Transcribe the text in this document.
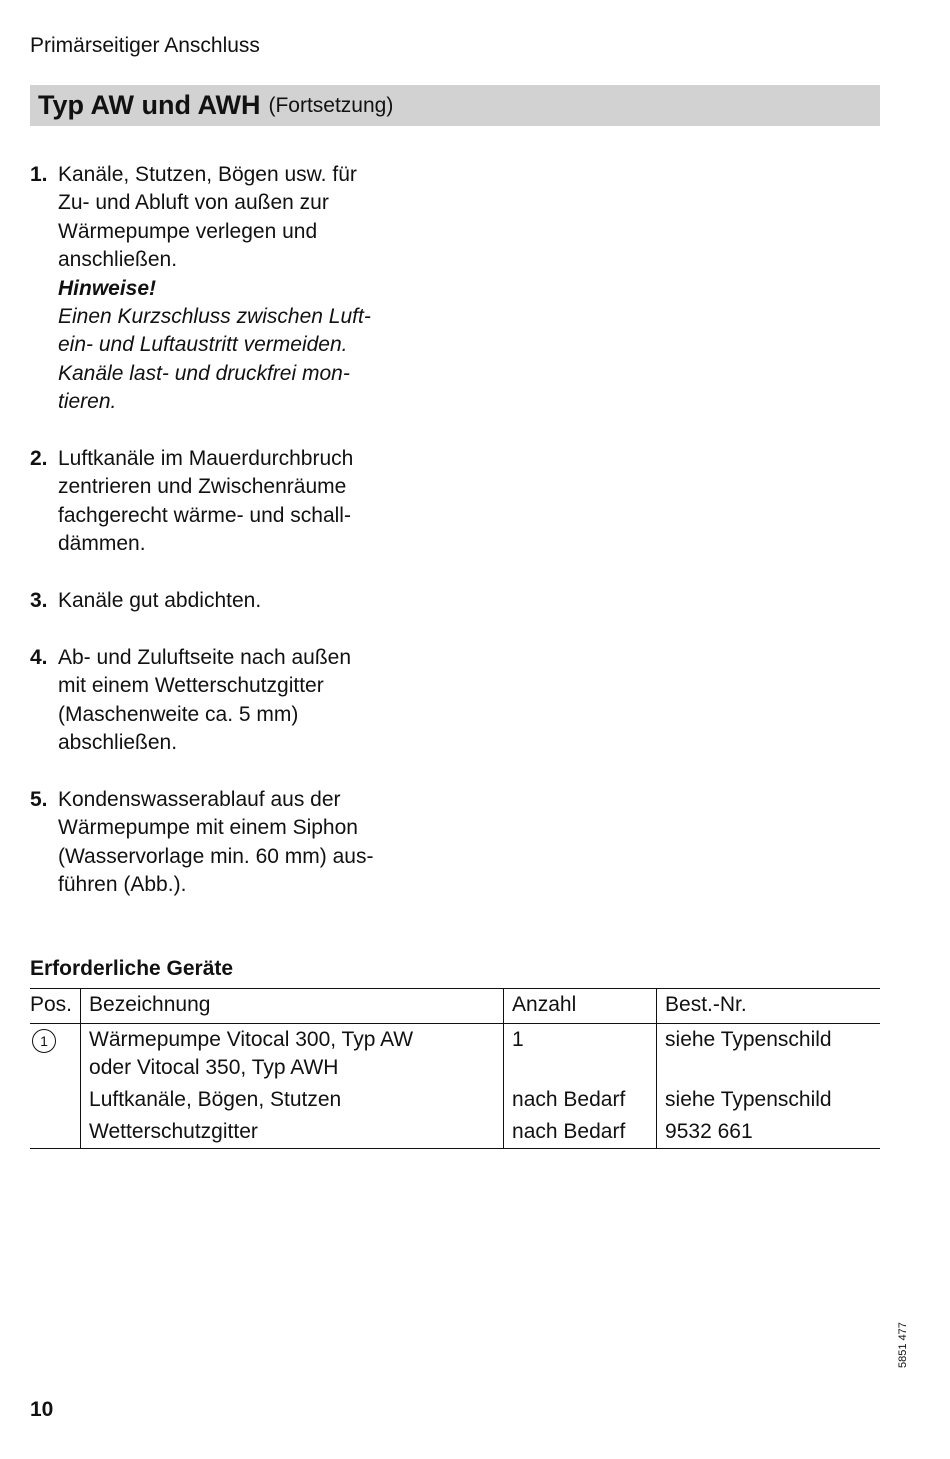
Primärseitiger Anschluss
Typ AW und AWH (Fortsetzung)
1. Kanäle, Stutzen, Bögen usw. für
Zu- und Abluft von außen zur
Wärmepumpe verlegen und
anschließen.
Hinweise!
Einen Kurzschluss zwischen Luft-
ein- und Luftaustritt vermeiden.
Kanäle last- und druckfrei mon-
tieren.
2. Luftkanäle im Mauerdurchbruch
zentrieren und Zwischenräume
fachgerecht wärme- und schall-
dämmen.
3. Kanäle gut abdichten.
4. Ab- und Zuluftseite nach außen
mit einem Wetterschutzgitter
(Maschenweite ca. 5 mm)
abschließen.
5. Kondenswasserablauf aus der
Wärmepumpe mit einem Siphon
(Wasservorlage min. 60 mm) aus-
führen (Abb.).
Erforderliche Geräte
Pos.	Bezeichnung	Anzahl	Best.-Nr.
1	Wärmepumpe Vitocal 300, Typ AW
oder Vitocal 350, Typ AWH	1	siehe Typenschild
	Luftkanäle, Bögen, Stutzen	nach Bedarf	siehe Typenschild
	Wetterschutzgitter	nach Bedarf	9532 661
5851 477
10
